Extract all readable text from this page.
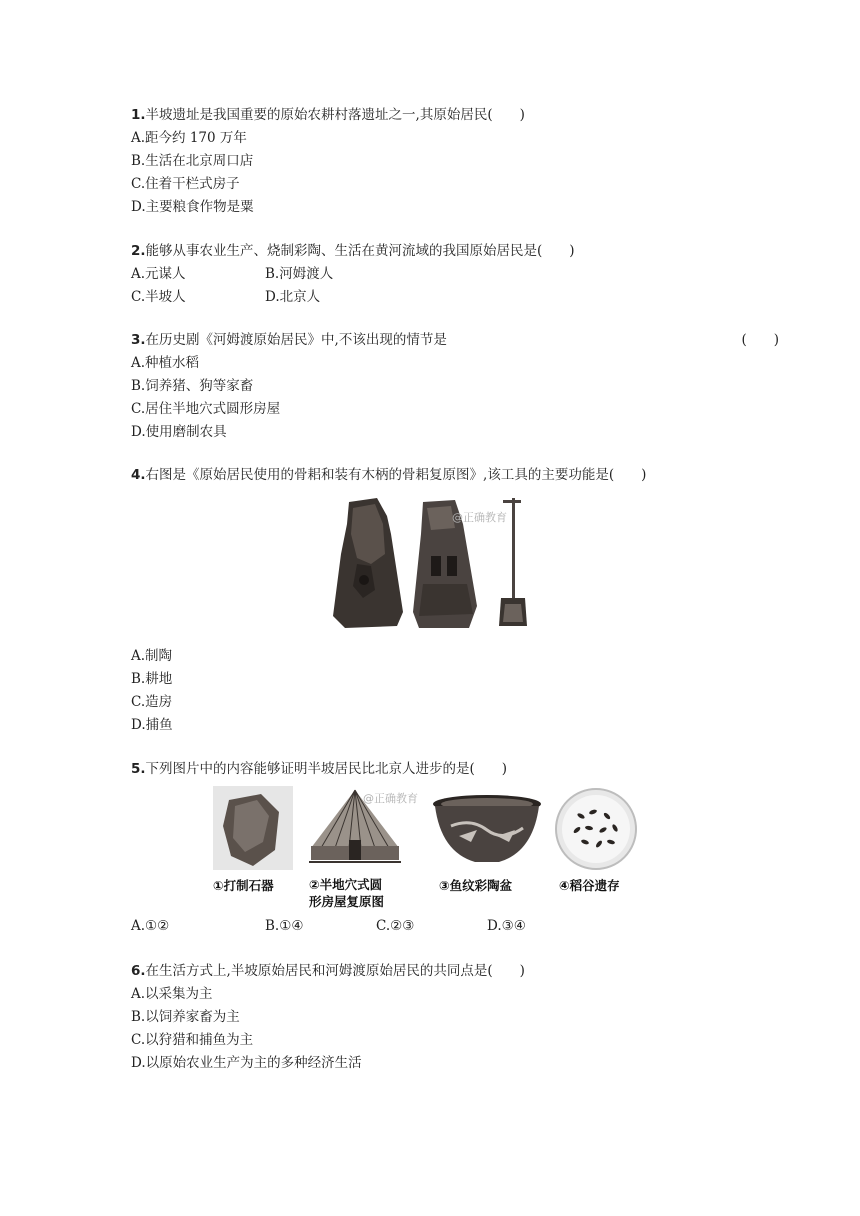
1.半坡遗址是我国重要的原始农耕村落遗址之一,其原始居民(　　)
A.距今约 170 万年
B.生活在北京周口店
C.住着干栏式房子
D.主要粮食作物是粟
2.能够从事农业生产、烧制彩陶、生活在黄河流域的我国原始居民是(　　)
A.元谋人	B.河姆渡人
C.半坡人	D.北京人
3.在历史剧《河姆渡原始居民》中,不该出现的情节是	(　　)
A.种植水稻
B.饲养猪、狗等家畜
C.居住半地穴式圆形房屋
D.使用磨制农具
4.右图是《原始居民使用的骨耜和装有木柄的骨耜复原图》,该工具的主要功能是(　　)
@正确教育
A.制陶
B.耕地
C.造房
D.捕鱼
5.下列图片中的内容能够证明半坡居民比北京人进步的是(　　)
①打制石器
@正确教育
②半地穴式圆
形房屋复原图
③鱼纹彩陶盆	④稻谷遗存
A.①②	B.①④	C.②③	D.③④
6.在生活方式上,半坡原始居民和河姆渡原始居民的共同点是(　　)
A.以采集为主
B.以饲养家畜为主
C.以狩猎和捕鱼为主
D.以原始农业生产为主的多种经济生活
